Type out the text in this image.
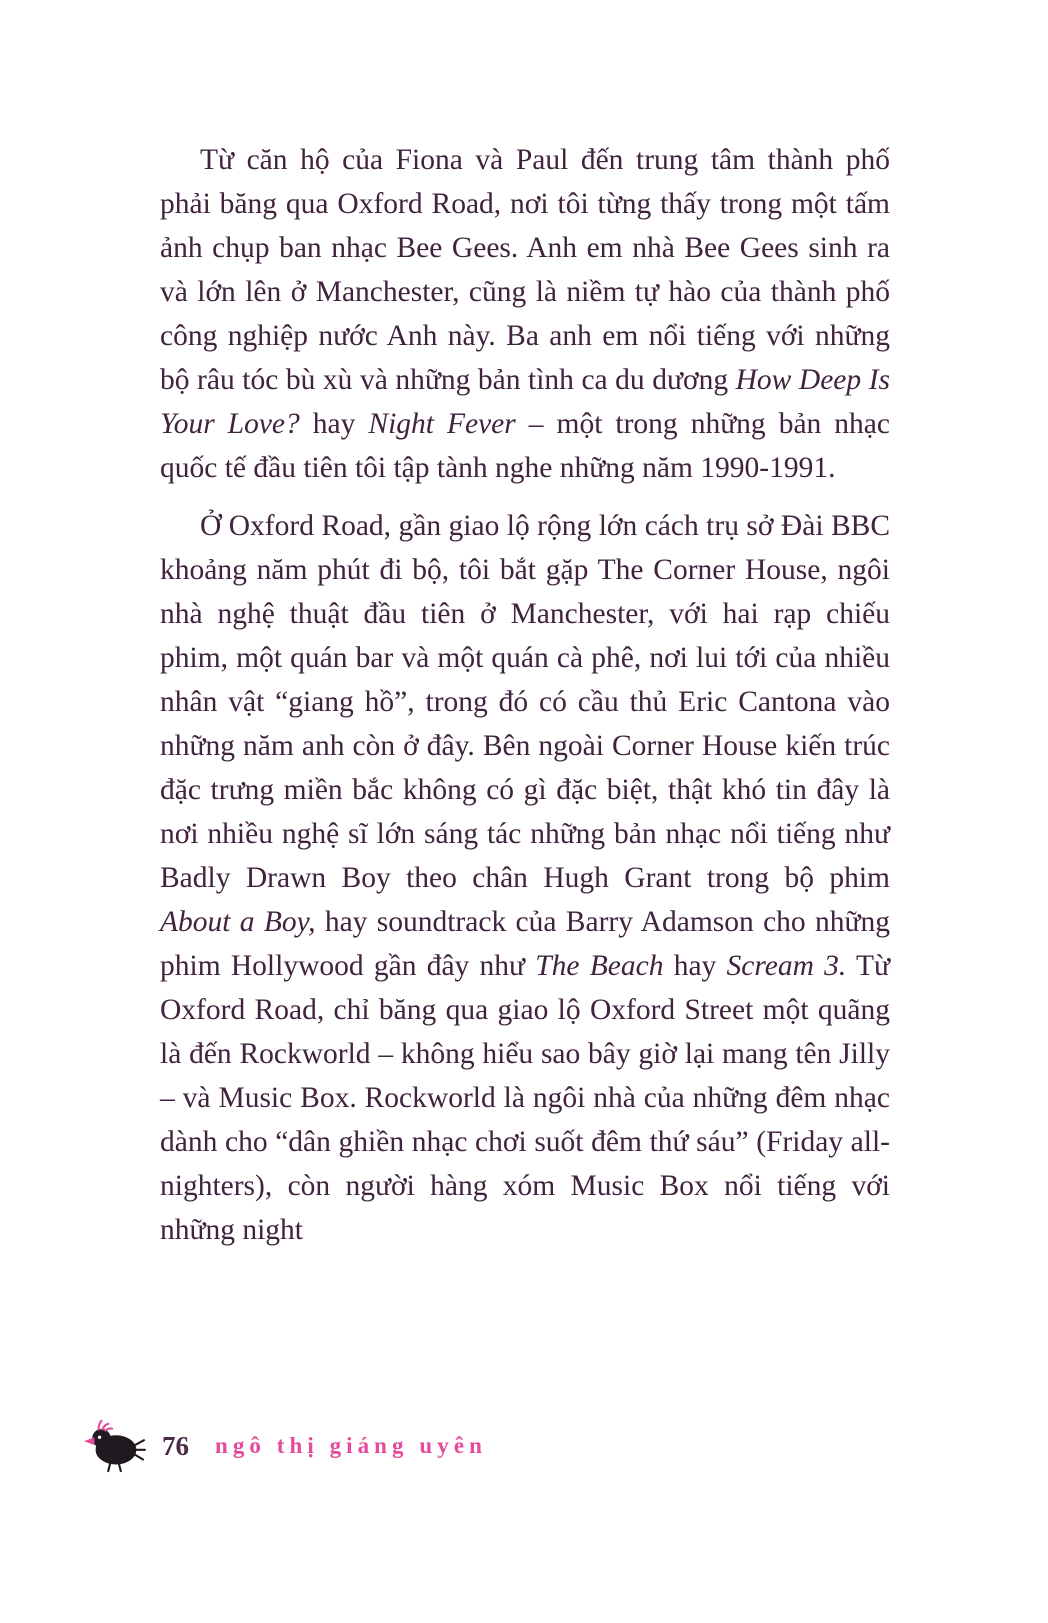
Từ căn hộ của Fiona và Paul đến trung tâm thành phố phải băng qua Oxford Road, nơi tôi từng thấy trong một tấm ảnh chụp ban nhạc Bee Gees. Anh em nhà Bee Gees sinh ra và lớn lên ở Manchester, cũng là niềm tự hào của thành phố công nghiệp nước Anh này. Ba anh em nổi tiếng với những bộ râu tóc bù xù và những bản tình ca du dương How Deep Is Your Love? hay Night Fever – một trong những bản nhạc quốc tế đầu tiên tôi tập tành nghe những năm 1990-1991.

Ở Oxford Road, gần giao lộ rộng lớn cách trụ sở Đài BBC khoảng năm phút đi bộ, tôi bắt gặp The Corner House, ngôi nhà nghệ thuật đầu tiên ở Manchester, với hai rạp chiếu phim, một quán bar và một quán cà phê, nơi lui tới của nhiều nhân vật “giang hồ”, trong đó có cầu thủ Eric Cantona vào những năm anh còn ở đây. Bên ngoài Corner House kiến trúc đặc trưng miền bắc không có gì đặc biệt, thật khó tin đây là nơi nhiều nghệ sĩ lớn sáng tác những bản nhạc nổi tiếng như Badly Drawn Boy theo chân Hugh Grant trong bộ phim About a Boy, hay soundtrack của Barry Adamson cho những phim Hollywood gần đây như The Beach hay Scream 3. Từ Oxford Road, chỉ băng qua giao lộ Oxford Street một quãng là đến Rockworld – không hiểu sao bây giờ lại mang tên Jilly – và Music Box. Rockworld là ngôi nhà của những đêm nhạc dành cho “dân ghiền nhạc chơi suốt đêm thứ sáu” (Friday all-nighters), còn người hàng xóm Music Box nổi tiếng với những night

76 ngô thị giáng uyên
